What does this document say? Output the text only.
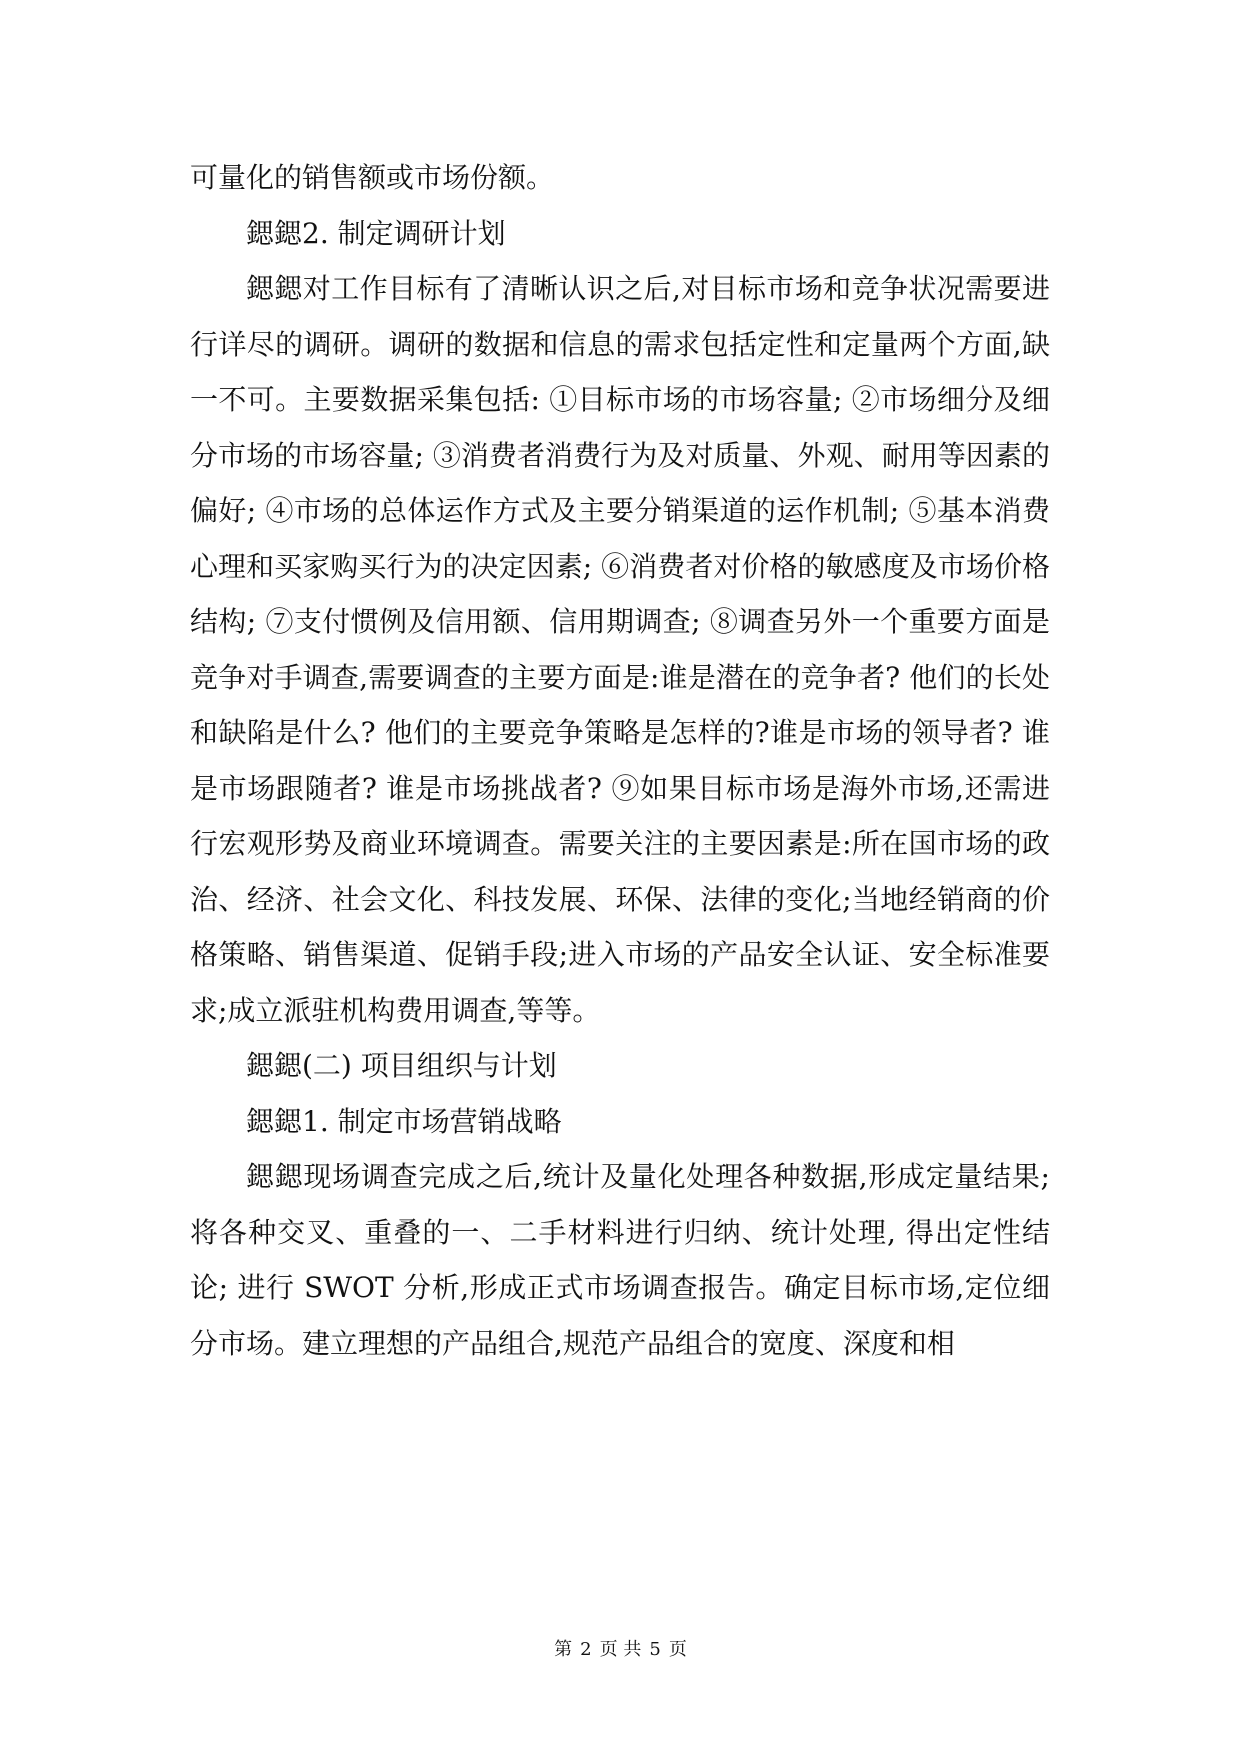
可量化的销售额或市场份额。

鍶鍶2. 制定调研计划

鍶鍶对工作目标有了清晰认识之后,对目标市场和竞争状况需要进行详尽的调研。调研的数据和信息的需求包括定性和定量两个方面,缺一不可。主要数据采集包括: ①目标市场的市场容量; ②市场细分及细分市场的市场容量; ③消费者消费行为及对质量、外观、耐用等因素的偏好; ④市场的总体运作方式及主要分销渠道的运作机制; ⑤基本消费心理和买家购买行为的决定因素; ⑥消费者对价格的敏感度及市场价格结构; ⑦支付惯例及信用额、信用期调查; ⑧调查另外一个重要方面是竞争对手调查,需要调查的主要方面是:谁是潜在的竞争者? 他们的长处和缺陷是什么? 他们的主要竞争策略是怎样的?谁是市场的领导者? 谁是市场跟随者? 谁是市场挑战者? ⑨如果目标市场是海外市场,还需进行宏观形势及商业环境调查。需要关注的主要因素是:所在国市场的政治、经济、社会文化、科技发展、环保、法律的变化;当地经销商的价格策略、销售渠道、促销手段;进入市场的产品安全认证、安全标准要求;成立派驻机构费用调查,等等。

鍶鍶(二) 项目组织与计划

鍶鍶1. 制定市场营销战略

鍶鍶现场调查完成之后,统计及量化处理各种数据,形成定量结果;将各种交叉、重叠的一、二手材料进行归纳、统计处理, 得出定性结论; 进行 SWOT 分析,形成正式市场调查报告。确定目标市场,定位细分市场。建立理想的产品组合,规范产品组合的宽度、深度和相

第 2 页 共 5 页
